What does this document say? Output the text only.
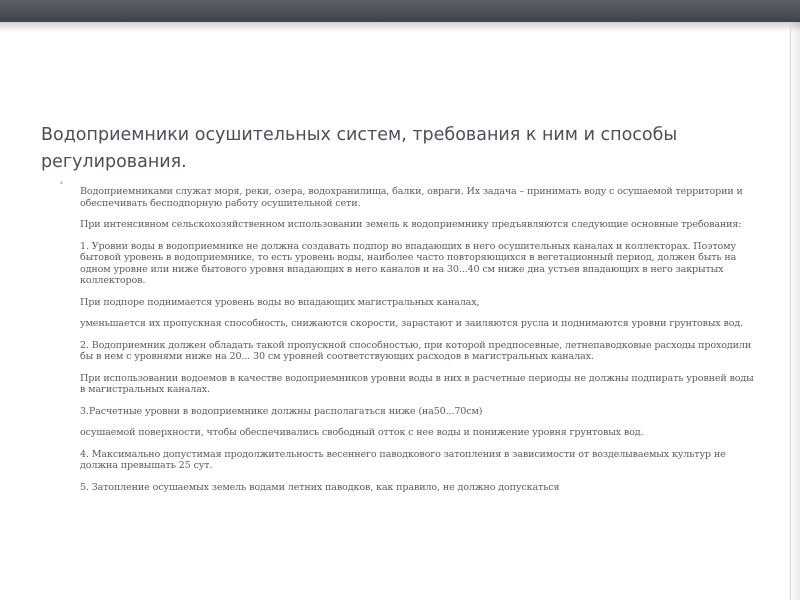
Водоприемники осушительных систем, требования к ним и способы регулирования.
•

Водоприемниками служат моря, реки, озера, водохранилища, балки, овраги. Их задача – принимать воду с осушаемой территории и обеспечивать бесподпорную работу осушительной сети.

При интенсивном сельскохозяйственном использовании земель к водоприемнику предъявляются следующие основные требования:

1. Уровни воды в водоприемнике не должна создавать подпор во впадающих в него осушительных каналах и коллекторах. Поэтому бытовой уровень в водоприемнике, то есть уровень воды, наиболее часто повторяющихся в вегетационный период, должен быть на одном уровне или ниже бытового уровня впадающих в него каналов и на 30...40 см ниже дна устьев впадающих в него закрытых коллекторов.

При подпоре поднимается уровень воды во впадающих магистральных каналах,

уменьшается их пропускная способность, снижаются скорости, зарастают и заиляются русла и поднимаются уровни грунтовых вод.

2. Водоприемник должен обладать такой пропускной способностью, при которой предпосевные, летнепаводковые расходы проходили бы в нем с уровнями ниже на 20... 30 см уровней соответствующих расходов в магистральных каналах.

При использовании водоемов в качестве водоприемников уровни воды в них в расчетные периоды не должны подпирать уровней воды в магистральных каналах.

3.Расчетные уровни в водоприемнике должны располагаться ниже (на50...70см)

осушаемой поверхности, чтобы обеспечивались свободный отток с нее воды и понижение уровня грунтовых вод.

4. Максимально допустимая продолжительность весеннего паводкового затопления в зависимости от возделываемых культур не должна превышать 25 сут.

5. Затопление осушаемых земель водами летних паводков, как правило, не должно допускаться
